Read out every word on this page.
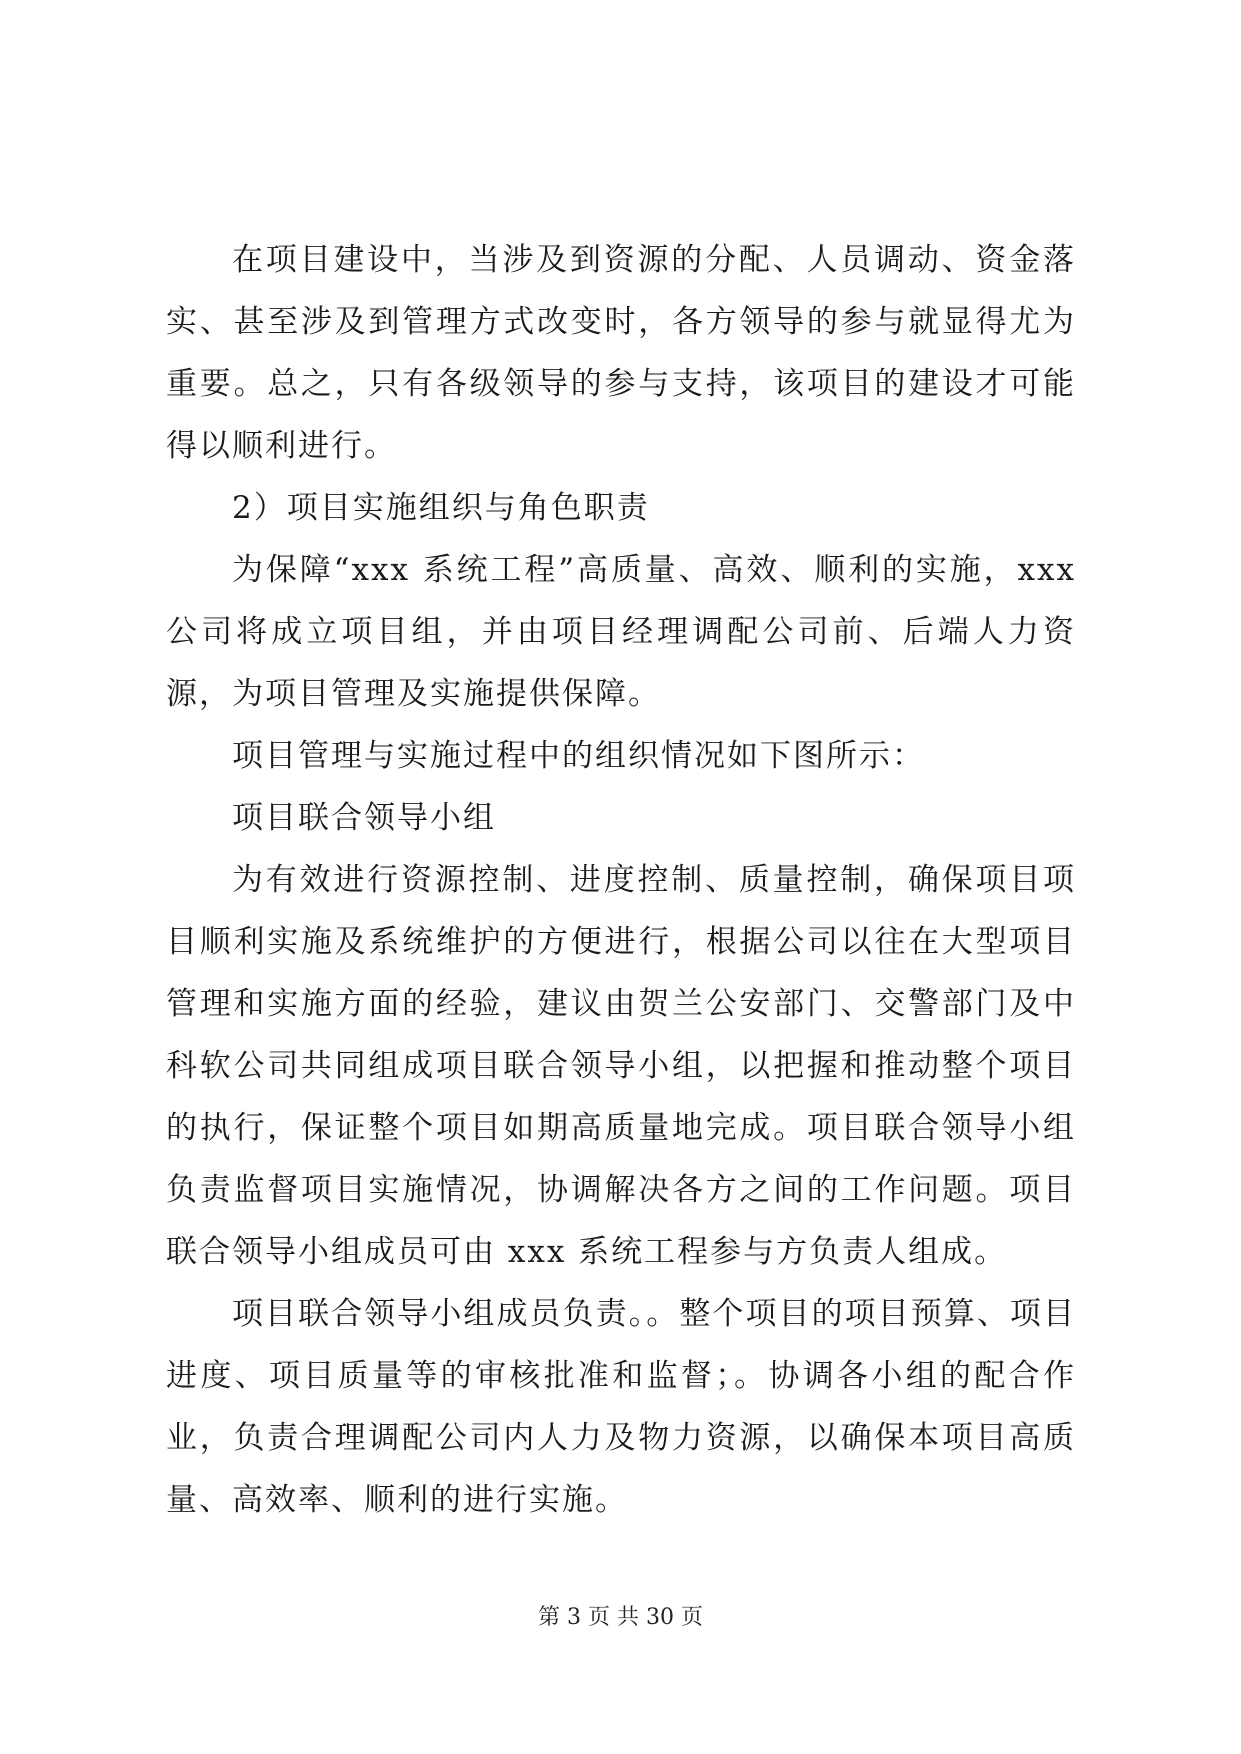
在项目建设中，当涉及到资源的分配、人员调动、资金落实、甚至涉及到管理方式改变时，各方领导的参与就显得尤为重要。总之，只有各级领导的参与支持，该项目的建设才可能得以顺利进行。

2）项目实施组织与角色职责

为保障“xxx 系统工程”高质量、高效、顺利的实施，xxx 公司将成立项目组，并由项目经理调配公司前、后端人力资源，为项目管理及实施提供保障。

项目管理与实施过程中的组织情况如下图所示：

项目联合领导小组

为有效进行资源控制、进度控制、质量控制，确保项目项目顺利实施及系统维护的方便进行，根据公司以往在大型项目管理和实施方面的经验，建议由贺兰公安部门、交警部门及中科软公司共同组成项目联合领导小组，以把握和推动整个项目的执行，保证整个项目如期高质量地完成。项目联合领导小组负责监督项目实施情况，协调解决各方之间的工作问题。项目联合领导小组成员可由 xxx 系统工程参与方负责人组成。

项目联合领导小组成员负责。。整个项目的项目预算、项目进度、项目质量等的审核批准和监督；。协调各小组的配合作业，负责合理调配公司内人力及物力资源，以确保本项目高质量、高效率、顺利的进行实施。

第 3 页 共 30 页
